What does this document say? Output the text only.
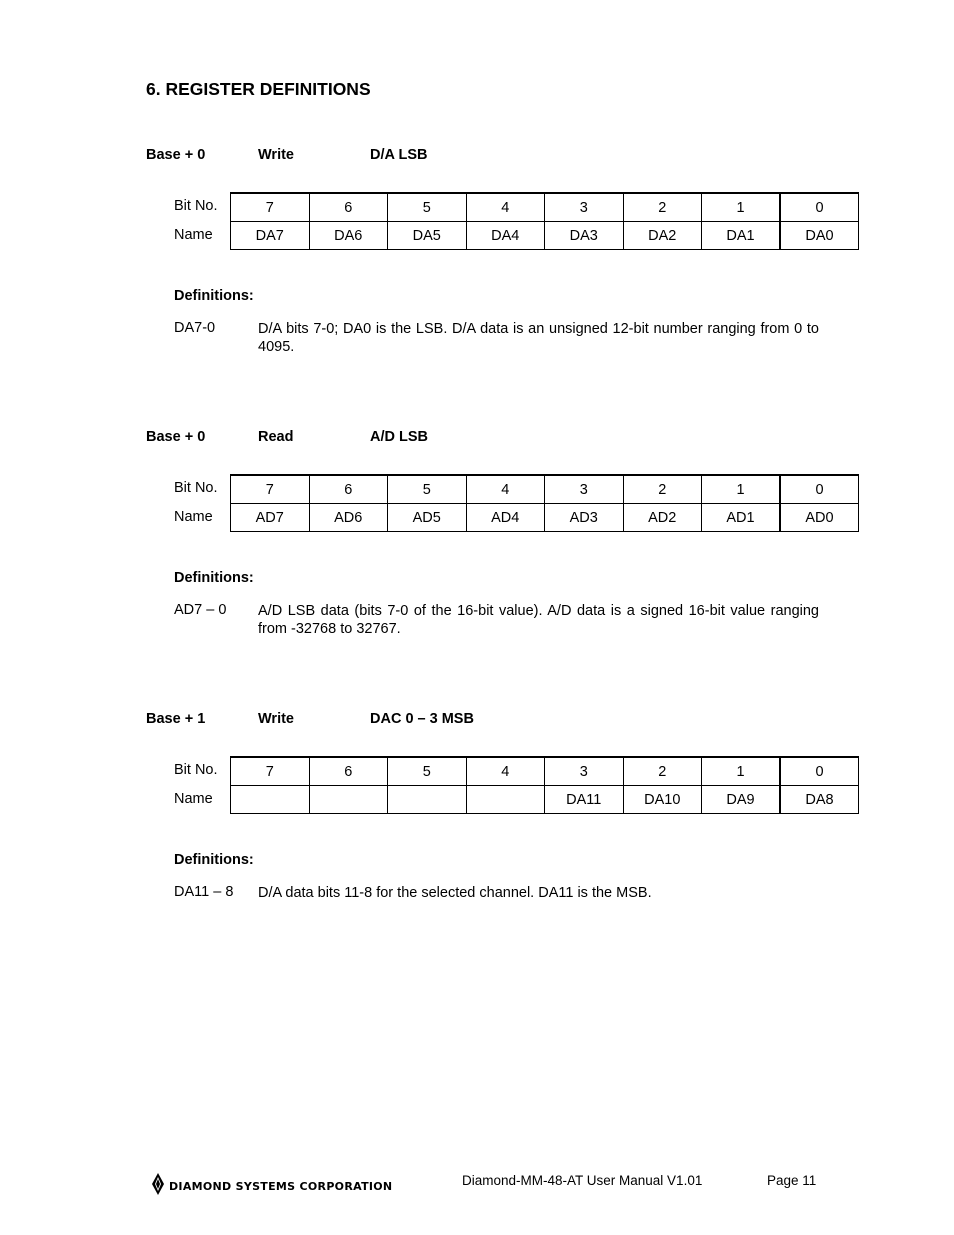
6. REGISTER DEFINITIONS
Base + 0	Write	D/A LSB
Bit No.
Name
7	6	5	4	3	2	1	0
DA7	DA6	DA5	DA4	DA3	DA2	DA1	DA0
Definitions:
DA7-0	D/A bits 7-0; DA0 is the LSB. D/A data is an unsigned 12-bit number ranging from 0 to 4095.
Base + 0	Read	A/D LSB
Bit No.
Name
7	6	5	4	3	2	1	0
AD7	AD6	AD5	AD4	AD3	AD2	AD1	AD0
Definitions:
AD7 – 0 A/D LSB data (bits 7-0 of the 16-bit value). A/D data is a signed 16-bit value ranging from -32768 to 32767.
Base + 1	Write	DAC 0 – 3 MSB
Bit No.
Name
7	6	5	4	3	2	1	0
				DA11	DA10	DA9	DA8
Definitions:
DA11 – 8 D/A data bits 11-8 for the selected channel. DA11 is the MSB.
DIAMOND SYSTEMS CORPORATION	Diamond-MM-48-AT User Manual V1.01	Page 11
